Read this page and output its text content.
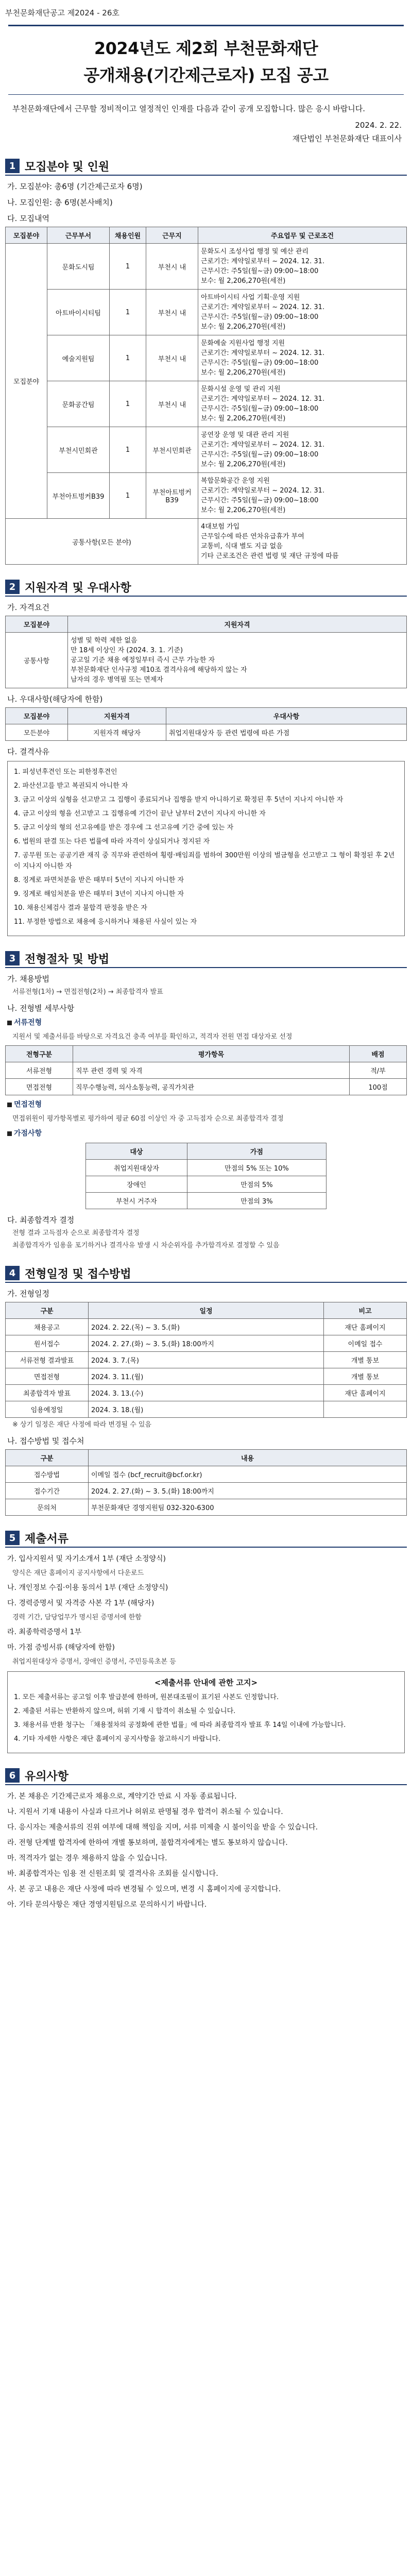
부천문화재단공고 제2024 - 26호
2024년도 제2회 부천문화재단
공개채용(기간제근로자) 모집 공고
부천문화재단에서 근무할 정비적이고 열정적인 인재를 다음과 같이 공개 모집합니다. 많은 응시 바랍니다.
2024. 2. 22.
재단법인 부천문화재단 대표이사
1 모집분야 및 인원
가. 모집분야: 총6명 (기간제근로자 6명)
나. 모집인원: 총 6명(본사배치)
다. 모집내역
모집분야	근무부서	채용인원	근무지	주요업무 및 근로조건
모집분야	문화도시팀	1	부천시 내	문화도시 조성사업 행정 및 예산 관리
근로기간: 계약일로부터 ~ 2024. 12. 31.
근무시간: 주5일(월~금) 09:00~18:00
보수: 월 2,206,270원(세전)

	아트바이시티팀	1	부천시 내	아트바이시티 사업 기획·운영 지원
근로기간: 계약일로부터 ~ 2024. 12. 31.
근무시간: 주5일(월~금) 09:00~18:00
보수: 월 2,206,270원(세전)

	예술지원팀	1	부천시 내	문화예술 지원사업 행정 지원
근로기간: 계약일로부터 ~ 2024. 12. 31.
근무시간: 주5일(월~금) 09:00~18:00
보수: 월 2,206,270원(세전)

	문화공간팀	1	부천시 내	문화시설 운영 및 관리 지원
근로기간: 계약일로부터 ~ 2024. 12. 31.
근무시간: 주5일(월~금) 09:00~18:00
보수: 월 2,206,270원(세전)

	부천시민회관	1	부천시민회관	공연장 운영 및 대관 관리 지원
근로기간: 계약일로부터 ~ 2024. 12. 31.
근무시간: 주5일(월~금) 09:00~18:00
보수: 월 2,206,270원(세전)

	부천아트벙커B39	1	부천아트벙커B39	복합문화공간 운영 지원
근로기간: 계약일로부터 ~ 2024. 12. 31.
근무시간: 주5일(월~금) 09:00~18:00
보수: 월 2,206,270원(세전)

공통사항(모든 분야)				4대보험 가입
근무일수에 따른 연차유급휴가 부여
교통비, 식대 별도 지급 없음
기타 근로조건은 관련 법령 및 재단 규정에 따름
2 지원자격 및 우대사항
가. 자격요건
모집분야	지원자격
공통사항	성별 및 학력 제한 없음
만 18세 이상인 자 (2024. 3. 1. 기준)
공고일 기준 채용 예정일부터 즉시 근무 가능한 자
부천문화재단 인사규정 제10조 결격사유에 해당하지 않는 자
남자의 경우 병역필 또는 면제자
나. 우대사항(해당자에 한함)
모집분야	지원자격	우대사항
모든분야	지원자격 해당자	취업지원대상자 등 관련 법령에 따른 가점
다. 결격사유
1. 피성년후견인 또는 피한정후견인
2. 파산선고를 받고 복권되지 아니한 자
3. 금고 이상의 실형을 선고받고 그 집행이 종료되거나 집행을 받지 아니하기로 확정된 후 5년이 지나지 아니한 자
4. 금고 이상의 형을 선고받고 그 집행유예 기간이 끝난 날부터 2년이 지나지 아니한 자
5. 금고 이상의 형의 선고유예를 받은 경우에 그 선고유예 기간 중에 있는 자
6. 법원의 판결 또는 다른 법률에 따라 자격이 상실되거나 정지된 자
7. 공무원 또는 공공기관 재직 중 직무와 관련하여 횡령·배임죄를 범하여 300만원 이상의 벌금형을 선고받고 그 형이 확정된 후 2년이 지나지 아니한 자
8. 징계로 파면처분을 받은 때부터 5년이 지나지 아니한 자
9. 징계로 해임처분을 받은 때부터 3년이 지나지 아니한 자
10. 채용신체검사 결과 불합격 판정을 받은 자
11. 부정한 방법으로 채용에 응시하거나 채용된 사실이 있는 자
3 전형절차 및 방법
가. 채용방법
서류전형(1차) → 면접전형(2차) → 최종합격자 발표
나. 전형별 세부사항
서류전형
지원서 및 제출서류를 바탕으로 자격요건 충족 여부를 확인하고, 적격자 전원 면접 대상자로 선정
전형구분	평가항목	배점
서류전형	직무 관련 경력 및 자격	적/부
면접전형	직무수행능력, 의사소통능력, 공직가치관	100점
면접전형
면접위원이 평가항목별로 평가하여 평균 60점 이상인 자 중 고득점자 순으로 최종합격자 결정
가점사항
대상	가점
취업지원대상자	만점의 5% 또는 10%
장애인	만점의 5%
부천시 거주자	만점의 3%
다. 최종합격자 결정
전형 결과 고득점자 순으로 최종합격자 결정
최종합격자가 임용을 포기하거나 결격사유 발생 시 차순위자를 추가합격자로 결정할 수 있음
4 전형일정 및 접수방법
가. 전형일정
구분	일정	비고
채용공고	2024. 2. 22.(목) ~ 3. 5.(화)	재단 홈페이지
원서접수	2024. 2. 27.(화) ~ 3. 5.(화) 18:00까지	이메일 접수
서류전형 결과발표	2024. 3. 7.(목)	개별 통보
면접전형	2024. 3. 11.(월)	개별 통보
최종합격자 발표	2024. 3. 13.(수)	재단 홈페이지
임용예정일	2024. 3. 18.(월)	
※ 상기 일정은 재단 사정에 따라 변경될 수 있음
나. 접수방법 및 접수처
구분	내용
접수방법	이메일 접수 (bcf_recruit@bcf.or.kr)
접수기간	2024. 2. 27.(화) ~ 3. 5.(화) 18:00까지
문의처	부천문화재단 경영지원팀 032-320-6300
5 제출서류
가. 입사지원서 및 자기소개서 1부 (재단 소정양식)
양식은 재단 홈페이지 공지사항에서 다운로드
나. 개인정보 수집·이용 동의서 1부 (재단 소정양식)
다. 경력증명서 및 자격증 사본 각 1부 (해당자)
경력 기간, 담당업무가 명시된 증명서에 한함
라. 최종학력증명서 1부
마. 가점 증빙서류 (해당자에 한함)
취업지원대상자 증명서, 장애인 증명서, 주민등록초본 등
<제출서류 안내에 관한 고지>
1. 모든 제출서류는 공고일 이후 발급분에 한하며, 원본대조필이 표기된 사본도 인정합니다.
2. 제출된 서류는 반환하지 않으며, 허위 기재 시 합격이 취소될 수 있습니다.
3. 채용서류 반환 청구는 「채용절차의 공정화에 관한 법률」에 따라 최종합격자 발표 후 14일 이내에 가능합니다.
4. 기타 자세한 사항은 재단 홈페이지 공지사항을 참고하시기 바랍니다.
6 유의사항
가. 본 채용은 기간제근로자 채용으로, 계약기간 만료 시 자동 종료됩니다.
나. 지원서 기재 내용이 사실과 다르거나 허위로 판명될 경우 합격이 취소될 수 있습니다.
다. 응시자는 제출서류의 진위 여부에 대해 책임을 지며, 서류 미제출 시 불이익을 받을 수 있습니다.
라. 전형 단계별 합격자에 한하여 개별 통보하며, 불합격자에게는 별도 통보하지 않습니다.
마. 적격자가 없는 경우 채용하지 않을 수 있습니다.
바. 최종합격자는 임용 전 신원조회 및 결격사유 조회를 실시합니다.
사. 본 공고 내용은 재단 사정에 따라 변경될 수 있으며, 변경 시 홈페이지에 공지합니다.
아. 기타 문의사항은 재단 경영지원팀으로 문의하시기 바랍니다.
